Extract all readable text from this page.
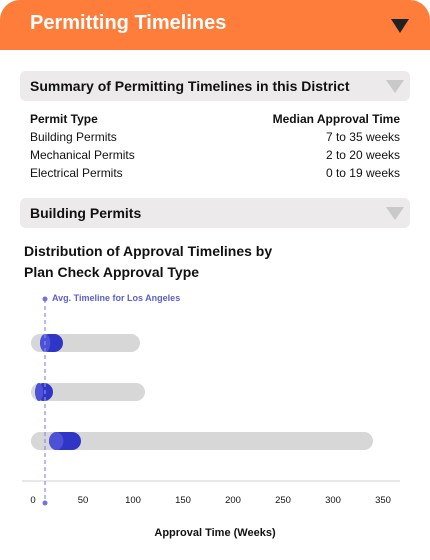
Permitting Timelines
Summary of Permitting Timelines in this District
Permit Type	Median Approval Time
Building Permits	7 to 35 weeks
Mechanical Permits	2 to 20 weeks
Electrical Permits	0 to 19 weeks
Building Permits
Distribution of Approval Timelines by
Plan Check Approval Type
Avg. Timeline for Los Angeles
0	50	100	150	200	250	300	350
Approval Time (Weeks)
